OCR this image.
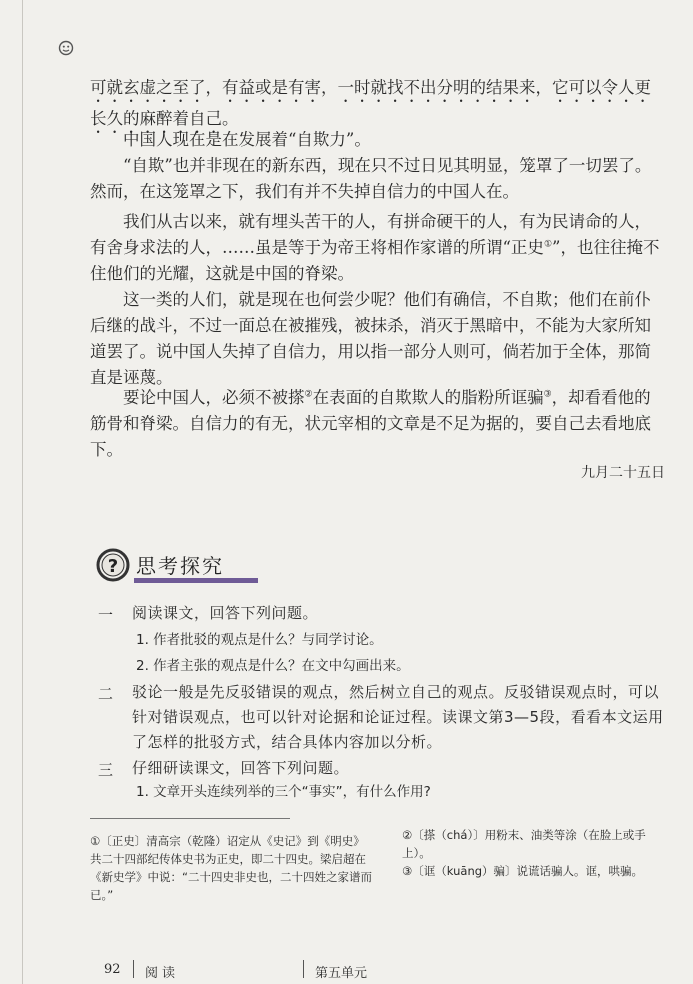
可就玄虚之至了，有益或是有害，一时就找不出分明的结果来，它可以令人更长久的麻醉着自己。

中国人现在是在发展着“自欺力”。

“自欺”也并非现在的新东西，现在只不过日见其明显，笼罩了一切罢了。然而，在这笼罩之下，我们有并不失掉自信力的中国人在。

我们从古以来，就有埋头苦干的人，有拼命硬干的人，有为民请命的人，有舍身求法的人，……虽是等于为帝王将相作家谱的所谓“正史①”，也往往掩不住他们的光耀，这就是中国的脊梁。

这一类的人们，就是现在也何尝少呢？他们有确信，不自欺；他们在前仆后继的战斗，不过一面总在被摧残，被抹杀，消灭于黑暗中，不能为大家所知道罢了。说中国人失掉了自信力，用以指一部分人则可，倘若加于全体，那简直是诬蔑。

要论中国人，必须不被搽②在表面的自欺欺人的脂粉所诓骗③，却看看他的筋骨和脊梁。自信力的有无，状元宰相的文章是不足为据的，要自己去看地底下。

九月二十五日
? 思考探究
一 阅读课文，回答下列问题。
1. 作者批驳的观点是什么？与同学讨论。
2. 作者主张的观点是什么？在文中勾画出来。
二 驳论一般是先反驳错误的观点，然后树立自己的观点。反驳错误观点时，可以针对错误观点，也可以针对论据和论证过程。读课文第3—5段，看看本文运用了怎样的批驳方式，结合具体内容加以分析。
三 仔细研读课文，回答下列问题。
1. 文章开头连续列举的三个“事实”，有什么作用?
①〔正史〕清高宗（乾隆）诏定从《史记》到《明史》共二十四部纪传体史书为正史，即二十四史。梁启超在《新史学》中说：“二十四史非史也，二十四姓之家谱而已。”
②〔搽（chá）〕用粉末、油类等涂（在脸上或手上）。
③〔诓（kuāng）骗〕说谎话骗人。诓，哄骗。
92 阅读	第五单元
